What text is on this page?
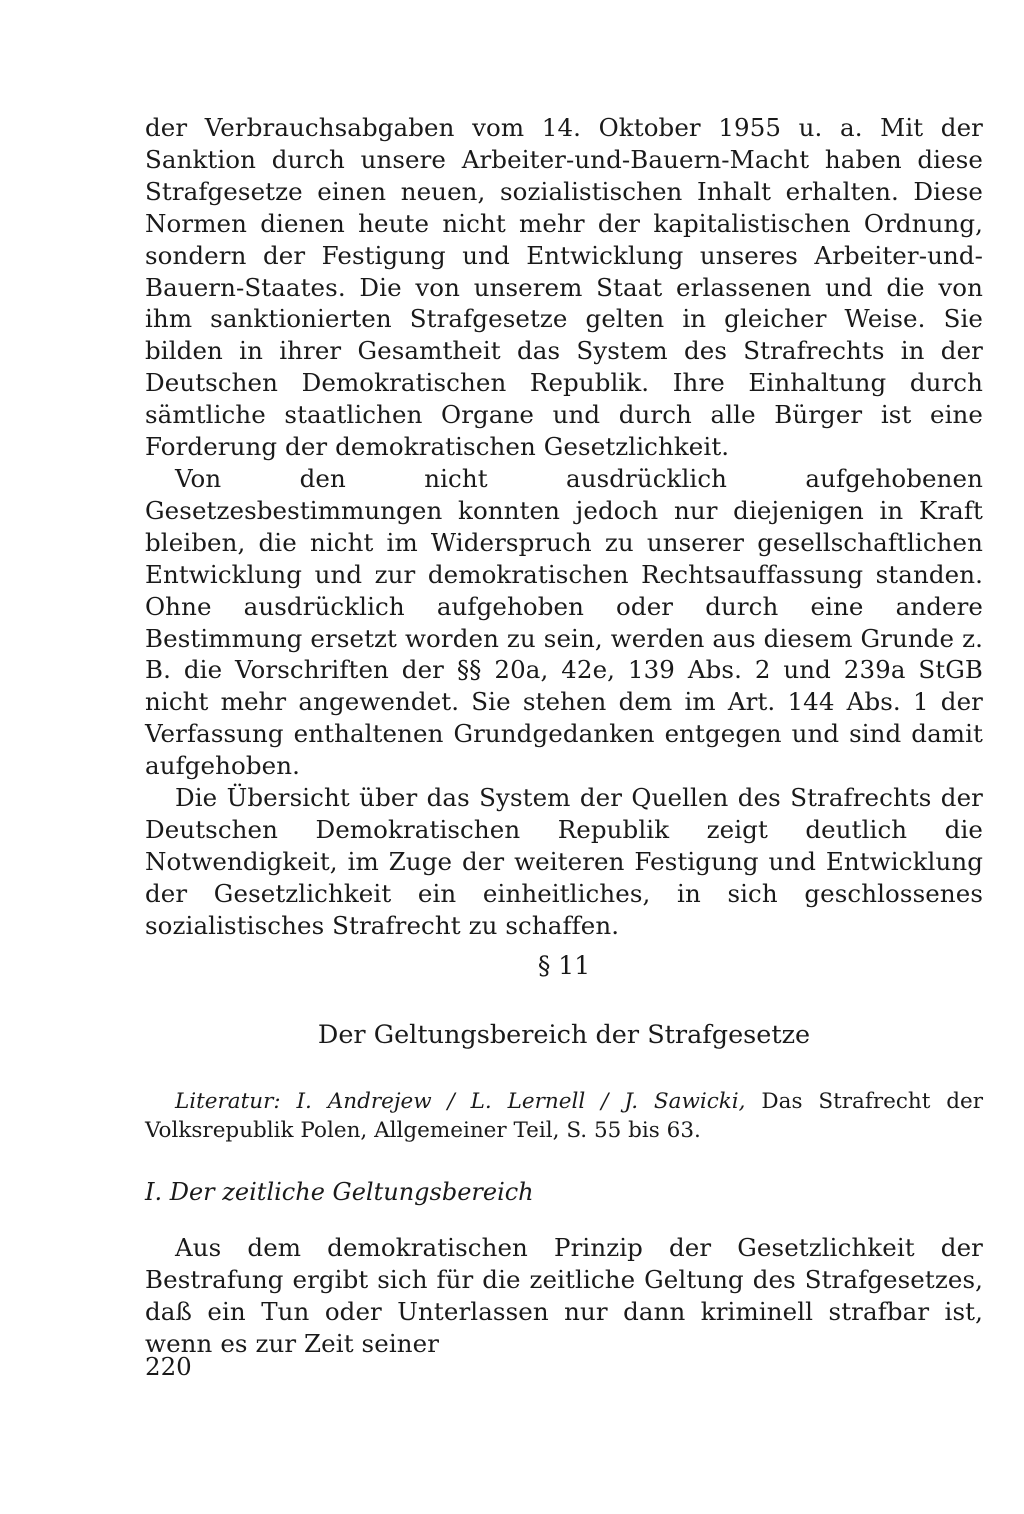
der Verbrauchsabgaben vom 14. Oktober 1955 u. a. Mit der Sanktion durch unsere Arbeiter-und-Bauern-Macht haben diese Strafgesetze einen neuen, sozialistischen Inhalt erhalten. Diese Normen dienen heute nicht mehr der kapitalistischen Ordnung, sondern der Festigung und Entwicklung unseres Arbeiter-und-Bauern-Staates. Die von unserem Staat erlassenen und die von ihm sanktionierten Strafgesetze gelten in gleicher Weise. Sie bilden in ihrer Gesamtheit das System des Strafrechts in der Deutschen Demokratischen Republik. Ihre Einhaltung durch sämtliche staatlichen Organe und durch alle Bürger ist eine Forderung der demokratischen Gesetzlichkeit.

Von den nicht ausdrücklich aufgehobenen Gesetzesbestimmungen konnten jedoch nur diejenigen in Kraft bleiben, die nicht im Widerspruch zu unserer gesellschaftlichen Entwicklung und zur demokratischen Rechtsauffassung standen. Ohne ausdrücklich aufgehoben oder durch eine andere Bestimmung ersetzt worden zu sein, werden aus diesem Grunde z. B. die Vorschriften der §§ 20a, 42e, 139 Abs. 2 und 239a StGB nicht mehr angewendet. Sie stehen dem im Art. 144 Abs. 1 der Verfassung enthaltenen Grundgedanken entgegen und sind damit aufgehoben.

Die Übersicht über das System der Quellen des Strafrechts der Deutschen Demokratischen Republik zeigt deutlich die Notwendigkeit, im Zuge der weiteren Festigung und Entwicklung der Gesetzlichkeit ein einheitliches, in sich geschlossenes sozialistisches Strafrecht zu schaffen.

§ 11
Der Geltungsbereich der Strafgesetze

Literatur: I. Andrejew / L. Lernell / J. Sawicki, Das Strafrecht der Volksrepublik Polen, Allgemeiner Teil, S. 55 bis 63.

I. Der zeitliche Geltungsbereich

Aus dem demokratischen Prinzip der Gesetzlichkeit der Bestrafung ergibt sich für die zeitliche Geltung des Strafgesetzes, daß ein Tun oder Unterlassen nur dann kriminell strafbar ist, wenn es zur Zeit seiner

220
